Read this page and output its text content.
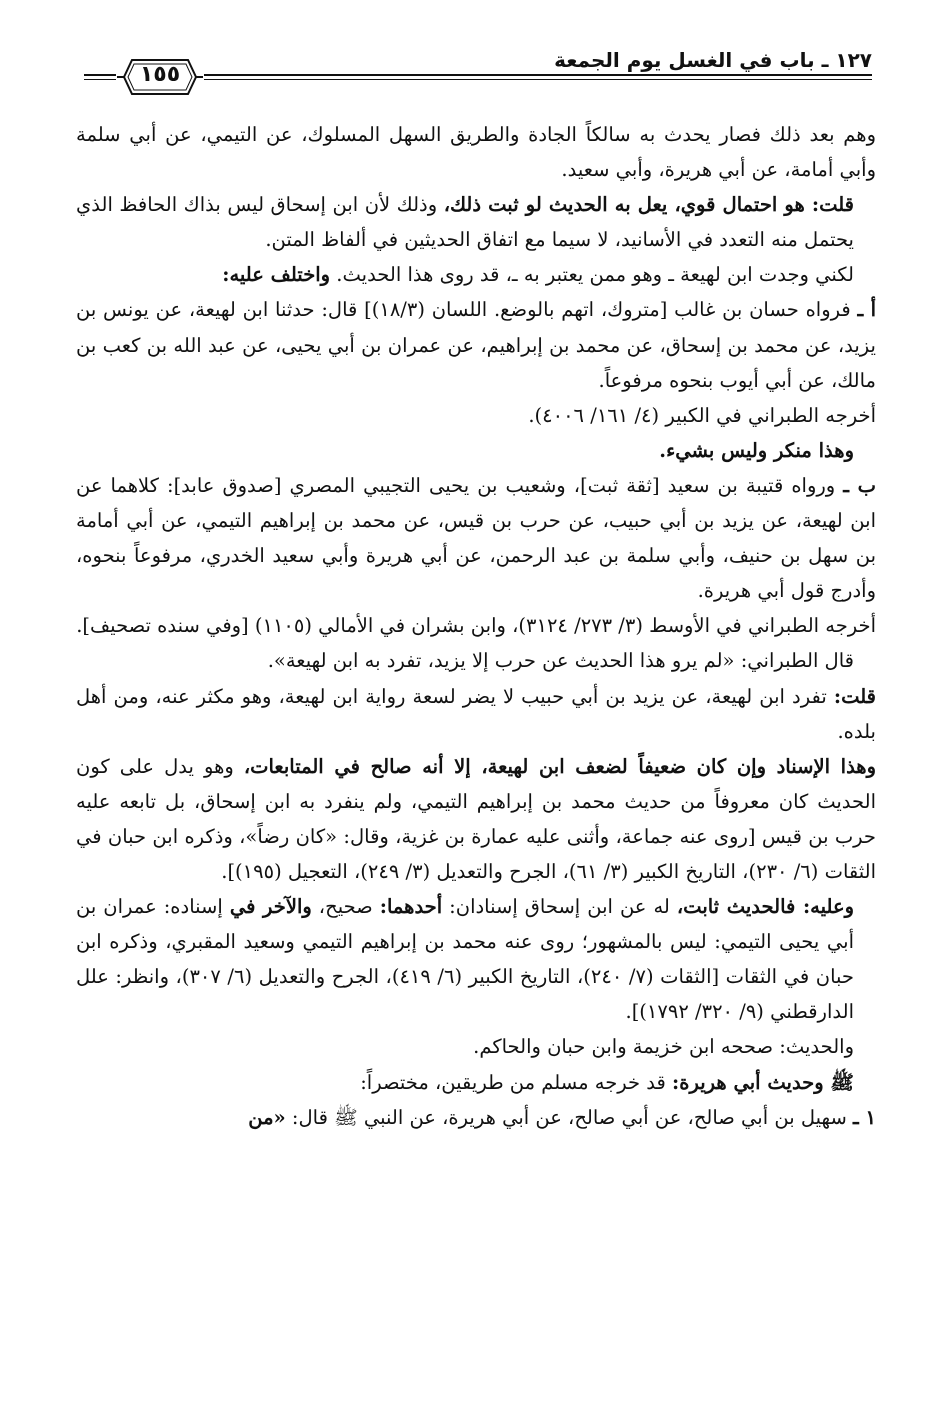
١٢٧ ـ باب في الغسل يوم الجمعة
١٥٥

وهم بعد ذلك فصار يحدث به سالكاً الجادة والطريق السهل المسلوك، عن التيمي، عن أبي سلمة وأبي أمامة، عن أبي هريرة، وأبي سعيد.

قلت: هو احتمال قوي، يعل به الحديث لو ثبت ذلك، وذلك لأن ابن إسحاق ليس بذاك الحافظ الذي يحتمل منه التعدد في الأسانيد، لا سيما مع اتفاق الحديثين في ألفاظ المتن.

لكني وجدت ابن لهيعة ـ وهو ممن يعتبر به ـ، قد روى هذا الحديث. واختلف عليه:

أ ـ فرواه حسان بن غالب [متروك، اتهم بالوضع. اللسان (١٨/٣)] قال: حدثنا ابن لهيعة، عن يونس بن يزيد، عن محمد بن إسحاق، عن محمد بن إبراهيم، عن عمران بن أبي يحيى، عن عبد الله بن كعب بن مالك، عن أبي أيوب بنحوه مرفوعاً.

أخرجه الطبراني في الكبير (٤/ ١٦١/ ٤٠٠٦).

وهذا منكر وليس بشيء.

ب ـ ورواه قتيبة بن سعيد [ثقة ثبت]، وشعيب بن يحيى التجيبي المصري [صدوق عابد]: كلاهما عن ابن لهيعة، عن يزيد بن أبي حبيب، عن حرب بن قيس، عن محمد بن إبراهيم التيمي، عن أبي أمامة بن سهل بن حنيف، وأبي سلمة بن عبد الرحمن، عن أبي هريرة وأبي سعيد الخدري، مرفوعاً بنحوه، وأدرج قول أبي هريرة.

أخرجه الطبراني في الأوسط (٣/ ٢٧٣/ ٣١٢٤)، وابن بشران في الأمالي (١١٠٥) [وفي سنده تصحيف].

قال الطبراني: «لم يرو هذا الحديث عن حرب إلا يزيد، تفرد به ابن لهيعة».

قلت: تفرد ابن لهيعة، عن يزيد بن أبي حبيب لا يضر لسعة رواية ابن لهيعة، وهو مكثر عنه، ومن أهل بلده.

وهذا الإسناد وإن كان ضعيفاً لضعف ابن لهيعة، إلا أنه صالح في المتابعات، وهو يدل على كون الحديث كان معروفاً من حديث محمد بن إبراهيم التيمي، ولم ينفرد به ابن إسحاق، بل تابعه عليه حرب بن قيس [روى عنه جماعة، وأثنى عليه عمارة بن غزية، وقال: «كان رضاً»، وذكره ابن حبان في الثقات (٦/ ٢٣٠)، التاريخ الكبير (٣/ ٦١)، الجرح والتعديل (٣/ ٢٤٩)، التعجيل (١٩٥)].

وعليه: فالحديث ثابت، له عن ابن إسحاق إسنادان: أحدهما: صحيح، والآخر في إسناده: عمران بن أبي يحيى التيمي: ليس بالمشهور؛ روى عنه محمد بن إبراهيم التيمي وسعيد المقبري، وذكره ابن حبان في الثقات [الثقات (٧/ ٢٤٠)، التاريخ الكبير (٦/ ٤١٩)، الجرح والتعديل (٦/ ٣٠٧)، وانظر: علل الدارقطني (٩/ ٣٢٠/ ١٧٩٢)].

والحديث: صححه ابن خزيمة وابن حبان والحاكم.

ﷺ وحديث أبي هريرة: قد خرجه مسلم من طريقين، مختصراً:

١ ـ سهيل بن أبي صالح، عن أبي صالح، عن أبي هريرة، عن النبي ﷺ قال: «من
